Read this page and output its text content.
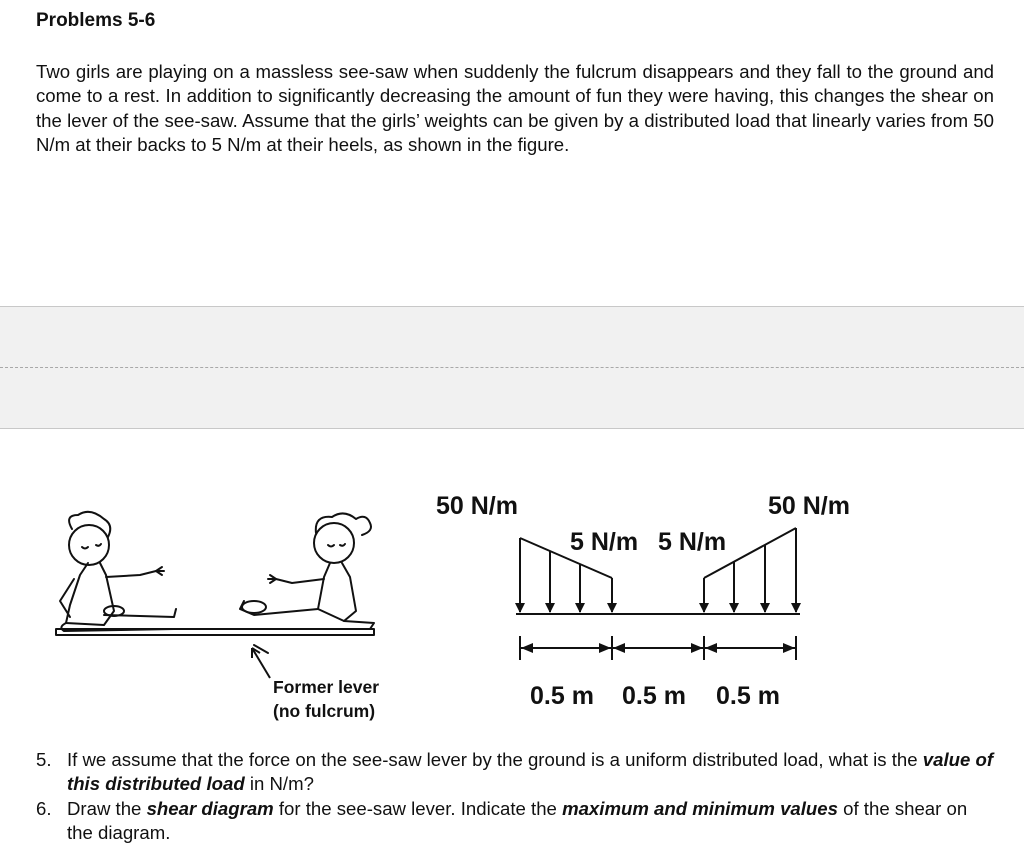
Problems 5-6

Two girls are playing on a massless see-saw when suddenly the fulcrum disappears and they fall to the ground and come to a rest. In addition to significantly decreasing the amount of fun they were having, this changes the shear on the lever of the see-saw. Assume that the girls’ weights can be given by a distributed load that linearly varies from 50 N/m at their backs to 5 N/m at their heels, as shown in the figure.

Former lever
(no fulcrum)
50 N/m	50 N/m
5 N/m 5 N/m
0.5 m 0.5 m 0.5 m
5. If we assume that the force on the see-saw lever by the ground is a uniform distributed load, what is the value of this distributed load in N/m?
6. Draw the shear diagram for the see-saw lever. Indicate the maximum and minimum values of the shear on the diagram.
